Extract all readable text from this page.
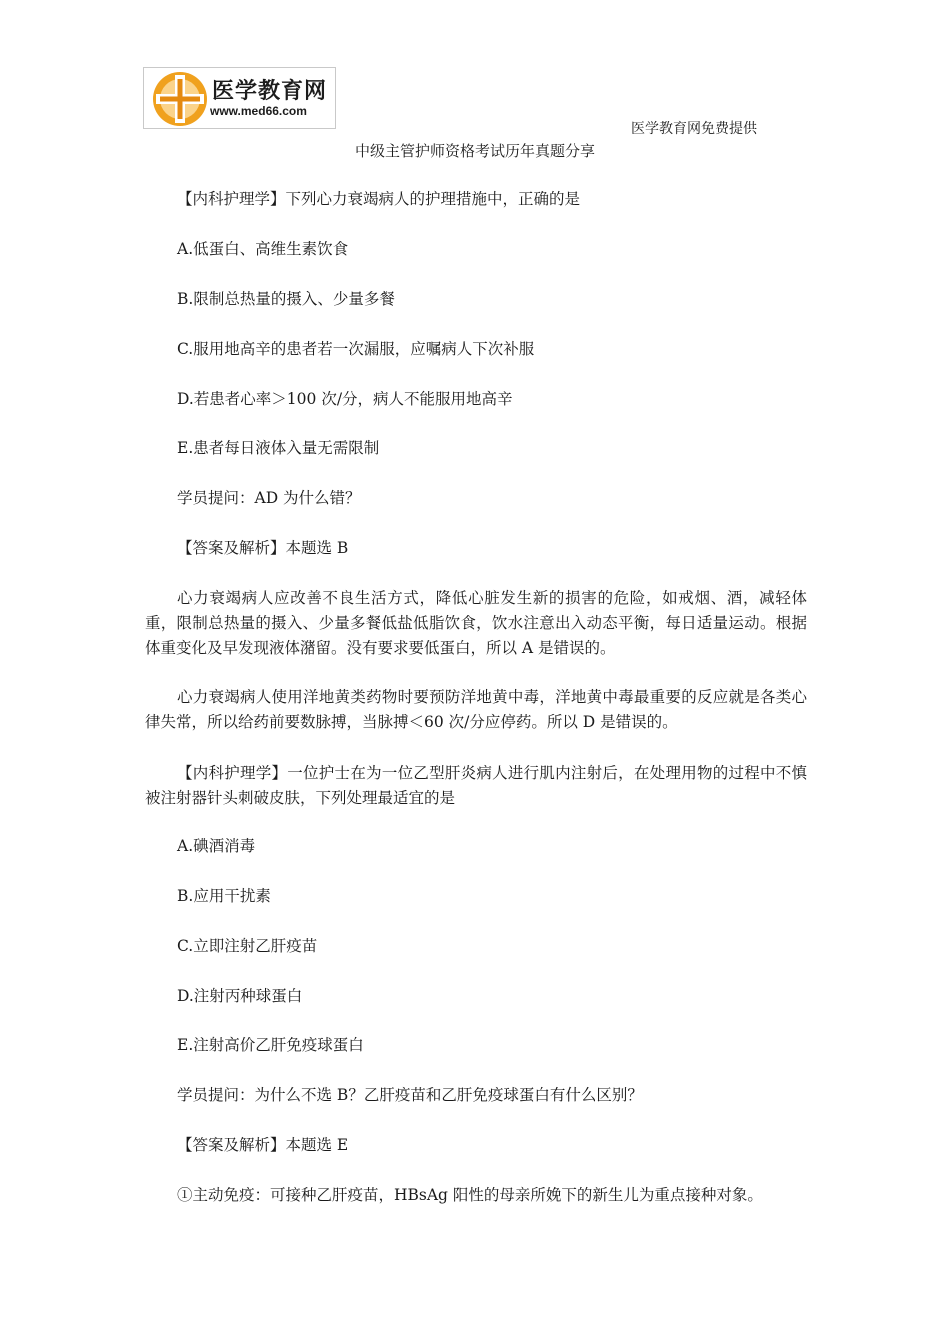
医学教育网
www.med66.com
医学教育网免费提供
中级主管护师资格考试历年真题分享
【内科护理学】下列心力衰竭病人的护理措施中，正确的是
A.低蛋白、高维生素饮食
B.限制总热量的摄入、少量多餐
C.服用地高辛的患者若一次漏服，应嘱病人下次补服
D.若患者心率＞100 次/分，病人不能服用地高辛
E.患者每日液体入量无需限制
学员提问：AD 为什么错？
【答案及解析】本题选 B
心力衰竭病人应改善不良生活方式，降低心脏发生新的损害的危险，如戒烟、酒，减轻体重，限制总热量的摄入、少量多餐低盐低脂饮食，饮水注意出入动态平衡，每日适量运动。根据体重变化及早发现液体潴留。没有要求要低蛋白，所以 A 是错误的。
心力衰竭病人使用洋地黄类药物时要预防洋地黄中毒，洋地黄中毒最重要的反应就是各类心律失常，所以给药前要数脉搏，当脉搏＜60 次/分应停药。所以 D 是错误的。
【内科护理学】一位护士在为一位乙型肝炎病人进行肌内注射后，在处理用物的过程中不慎被注射器针头刺破皮肤，下列处理最适宜的是
A.碘酒消毒
B.应用干扰素
C.立即注射乙肝疫苗
D.注射丙种球蛋白
E.注射高价乙肝免疫球蛋白
学员提问：为什么不选 B？乙肝疫苗和乙肝免疫球蛋白有什么区别？
【答案及解析】本题选 E
①主动免疫：可接种乙肝疫苗，HBsAg 阳性的母亲所娩下的新生儿为重点接种对象。
